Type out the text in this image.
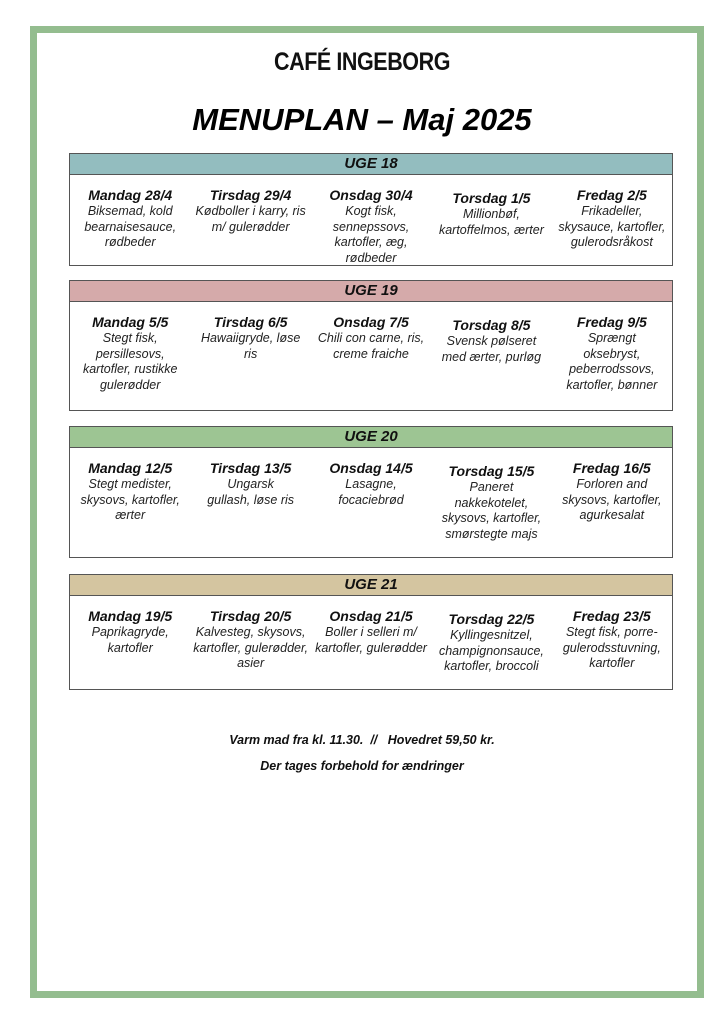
CAFÉ INGEBORG
MENUPLAN – Maj 2025
UGE 18
Mandag 28/4
Biksemad, kold bearnaisesauce, rødbeder
Tirsdag 29/4
Kødboller i karry, ris m/ gulerødder
Onsdag 30/4
Kogt fisk, sennepssovs, kartofler, æg, rødbeder
Torsdag 1/5
Millionbøf, kartoffelmos, ærter
Fredag 2/5
Frikadeller, skysauce, kartofler, gulerodsråkost
UGE 19
Mandag 5/5
Stegt fisk, persillesovs, kartofler, rustikke gulerødder
Tirsdag 6/5
Hawaiigryde, løse ris
Onsdag 7/5
Chili con carne, ris, creme fraiche
Torsdag 8/5
Svensk pølseret med ærter, purløg
Fredag 9/5
Sprængt oksebryst, peberrodssovs, kartofler, bønner
UGE 20
Mandag 12/5
Stegt medister, skysovs, kartofler, ærter
Tirsdag 13/5
Ungarsk gullash, løse ris
Onsdag 14/5
Lasagne, focaciebrød
Torsdag 15/5
Paneret nakkekotelet, skysovs, kartofler, smørstegte majs
Fredag 16/5
Forloren and skysovs, kartofler, agurkesalat
UGE 21
Mandag 19/5
Paprikagryde, kartofler
Tirsdag 20/5
Kalvesteg, skysovs, kartofler, gulerødder, asier
Onsdag 21/5
Boller i selleri m/ kartofler, gulerødder
Torsdag 22/5
Kyllingesnitzel, champignonsauce, kartofler, broccoli
Fredag 23/5
Stegt fisk, porre-gulerodsstuvning, kartofler
Varm mad fra kl. 11.30.  //   Hovedret 59,50 kr.
Der tages forbehold for ændringer
